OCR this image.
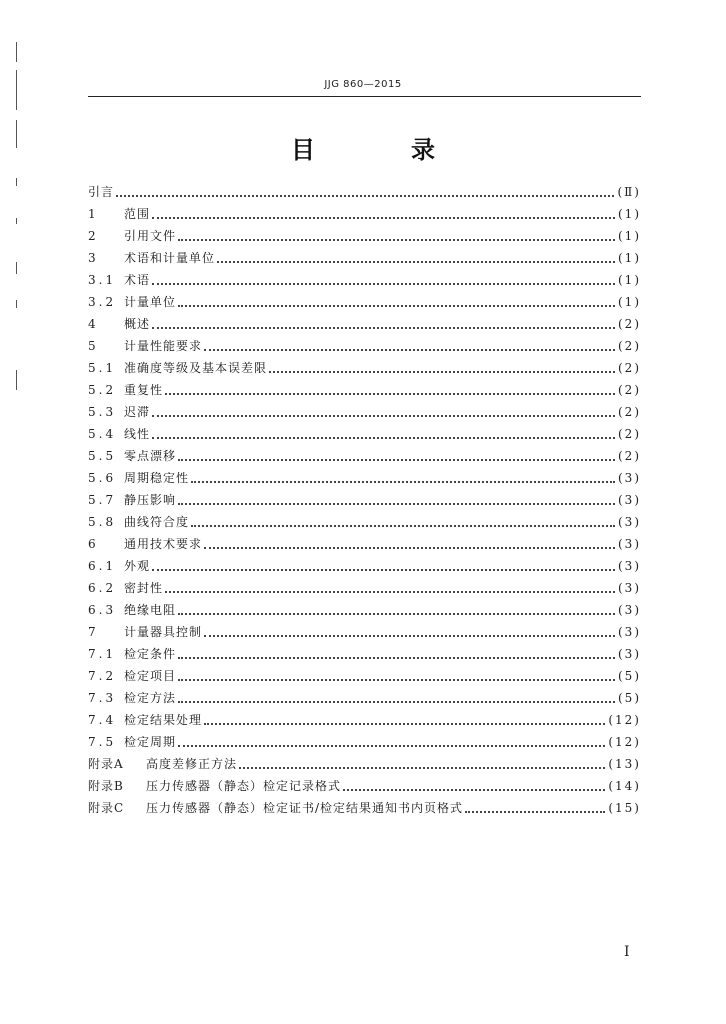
JJG 860—2015
目　录
引言	(Ⅱ)
1	范围	(1)
2	引用文件	(1)
3	术语和计量单位	(1)
3.1 术语	(1)
3.2 计量单位	(1)
4	概述	(2)
5	计量性能要求	(2)
5.1 准确度等级及基本误差限	(2)
5.2 重复性	(2)
5.3 迟滞	(2)
5.4 线性	(2)
5.5 零点漂移	(2)
5.6 周期稳定性	(3)
5.7 静压影响	(3)
5.8 曲线符合度	(3)
6	通用技术要求	(3)
6.1 外观	(3)
6.2 密封性	(3)
6.3 绝缘电阻	(3)
7	计量器具控制	(3)
7.1 检定条件	(3)
7.2 检定项目	(5)
7.3 检定方法	(5)
7.4 检定结果处理	(12)
7.5 检定周期	(12)
附录A	高度差修正方法	(13)
附录B	压力传感器（静态）检定记录格式	(14)
附录C	压力传感器（静态）检定证书/检定结果通知书内页格式	(15)
I
